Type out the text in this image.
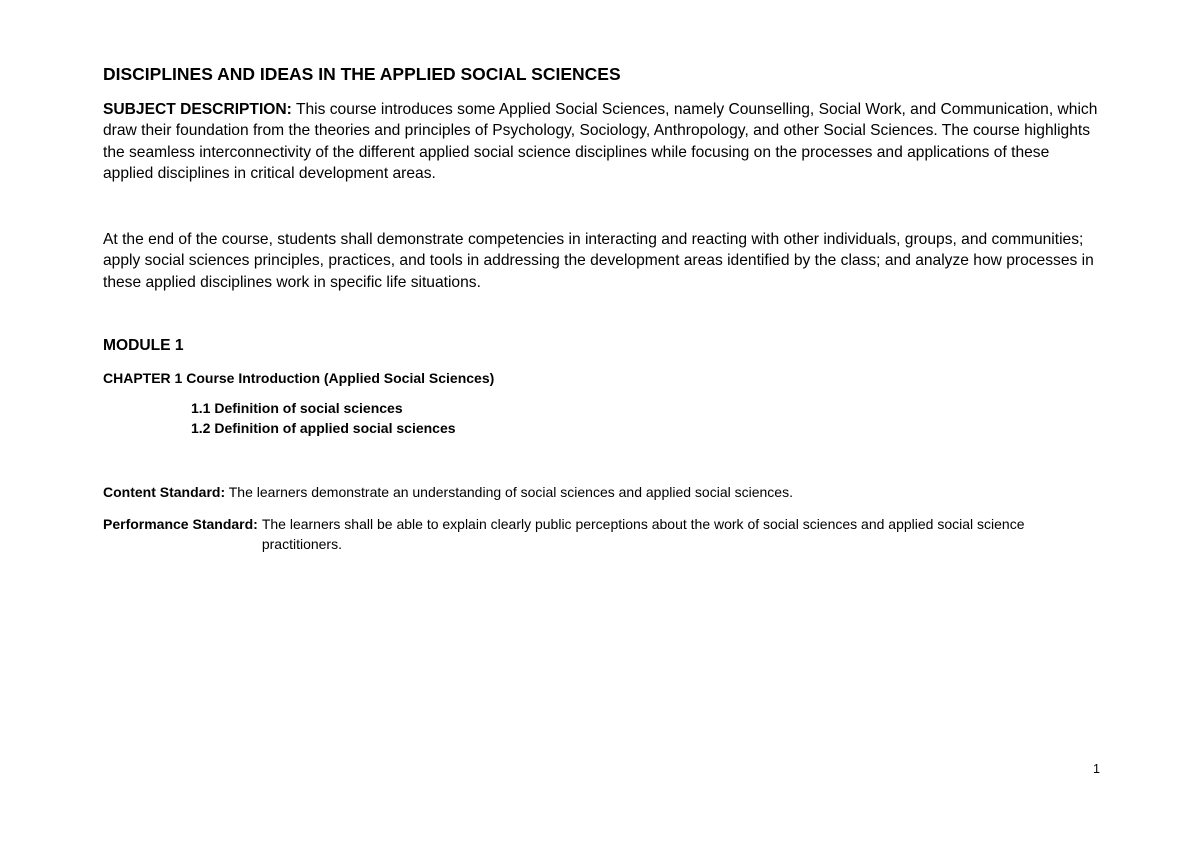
DISCIPLINES AND IDEAS IN THE APPLIED SOCIAL SCIENCES
SUBJECT DESCRIPTION: This course introduces some Applied Social Sciences, namely Counselling, Social Work, and Communication, which draw their foundation from the theories and principles of Psychology, Sociology, Anthropology, and other Social Sciences. The course highlights the seamless interconnectivity of the different applied social science disciplines while focusing on the processes and applications of these applied disciplines in critical development areas.
At the end of the course, students shall demonstrate competencies in interacting and reacting with other individuals, groups, and communities; apply social sciences principles, practices, and tools in addressing the development areas identified by the class; and analyze how processes in these applied disciplines work in specific life situations.
MODULE 1
CHAPTER 1 Course Introduction (Applied Social Sciences)
1.1 Definition of social sciences
1.2 Definition of applied social sciences
Content Standard: The learners demonstrate an understanding of social sciences and applied social sciences.
Performance Standard: The learners shall be able to explain clearly public perceptions about the work of social sciences and applied social science practitioners.
1
